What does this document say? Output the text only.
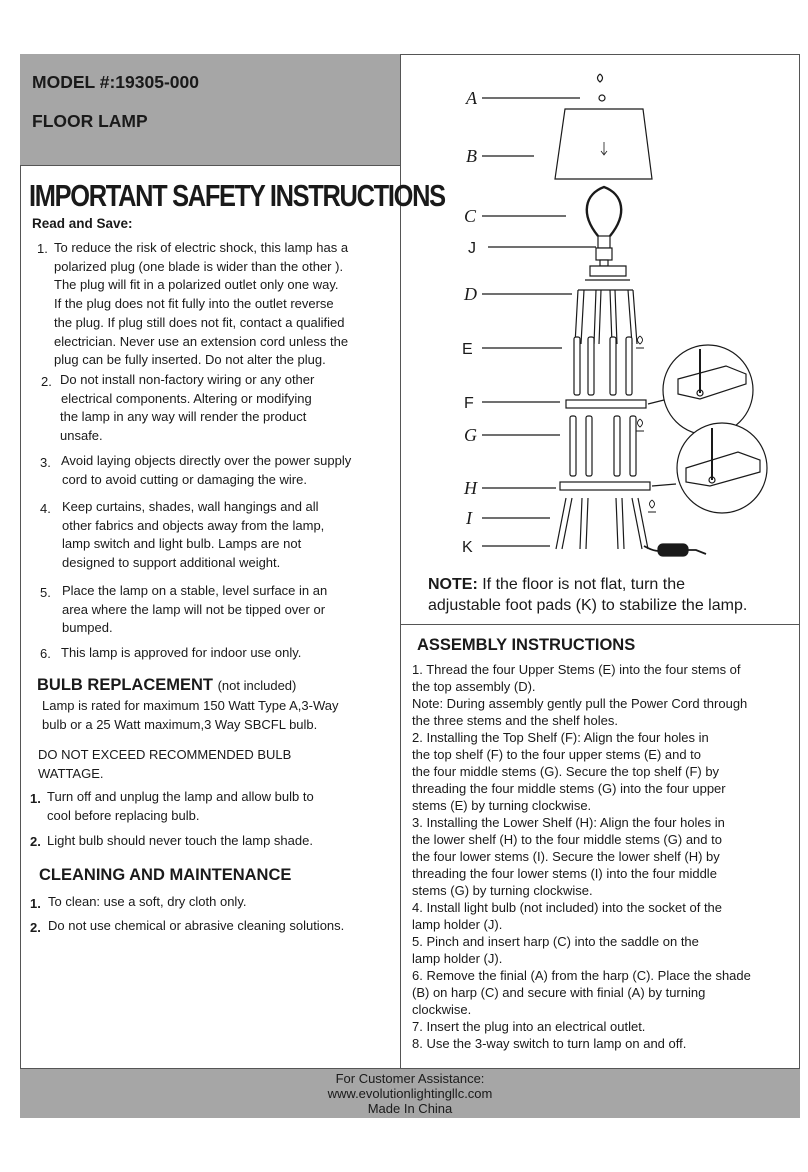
MODEL #:19305-000
FLOOR LAMP
IMPORTANT SAFETY INSTRUCTIONS
Read and Save:
1. To reduce the risk of electric shock, this lamp has a
polarized plug (one blade is wider than the other ).
The plug will fit in a polarized outlet only one way.
If the plug does not fit fully into the outlet reverse
the plug. If plug still does not fit, contact a qualified
electrician. Never use an extension cord unless the
plug can be fully inserted. Do not alter the plug.
2. Do not install non-factory wiring or any other
electrical components. Altering or modifying
the lamp in any way will render the product
unsafe.
3. Avoid laying objects directly over the power supply
cord to avoid cutting or damaging the wire.
4. Keep curtains, shades, wall hangings and all
other fabrics and objects away from the lamp,
lamp switch and light bulb. Lamps are not
designed to support additional weight.
5. Place the lamp on a stable, level surface in an
area where the lamp will not be tipped over or
bumped.
6. This lamp is approved for indoor use only.
BULB REPLACEMENT (not included)
Lamp is rated for maximum 150 Watt Type A,3-Way
bulb or a 25 Watt maximum,3 Way SBCFL bulb.
DO NOT EXCEED RECOMMENDED BULB
WATTAGE.
1. Turn off and unplug the lamp and allow bulb to
cool before replacing bulb.
2. Light bulb should never touch the lamp shade.
CLEANING AND MAINTENANCE
1. To clean: use a soft, dry cloth only.
2. Do not use chemical or abrasive cleaning solutions.
A
B
C
J
D
E
F
G
H
I
K
NOTE: If the floor is not flat, turn the
adjustable foot pads (K) to stabilize the lamp.
ASSEMBLY INSTRUCTIONS
1. Thread the four Upper Stems (E) into the four stems of
the top assembly (D).
Note: During assembly gently pull the Power Cord through
the three stems and the shelf holes.
2. Installing the Top Shelf (F): Align the four holes in
the top shelf (F) to the four upper stems (E) and to
the four middle stems (G). Secure the top shelf (F) by
threading the four middle stems (G) into the four upper
stems (E) by turning clockwise.
3. Installing the Lower Shelf (H): Align the four holes in
the lower shelf (H) to the four middle stems (G) and to
the four lower stems (I). Secure the lower shelf (H) by
threading the four lower stems (I) into the four middle
stems (G) by turning clockwise.
4. Install light bulb (not included) into the socket of the
lamp holder (J).
5. Pinch and insert harp (C) into the saddle on the
lamp holder (J).
6. Remove the finial (A) from the harp (C). Place the shade
(B) on harp (C) and secure with finial (A) by turning
clockwise.
7. Insert the plug into an electrical outlet.
8. Use the 3-way switch to turn lamp on and off.
For Customer Assistance:
www.evolutionlightingllc.com
Made In China
